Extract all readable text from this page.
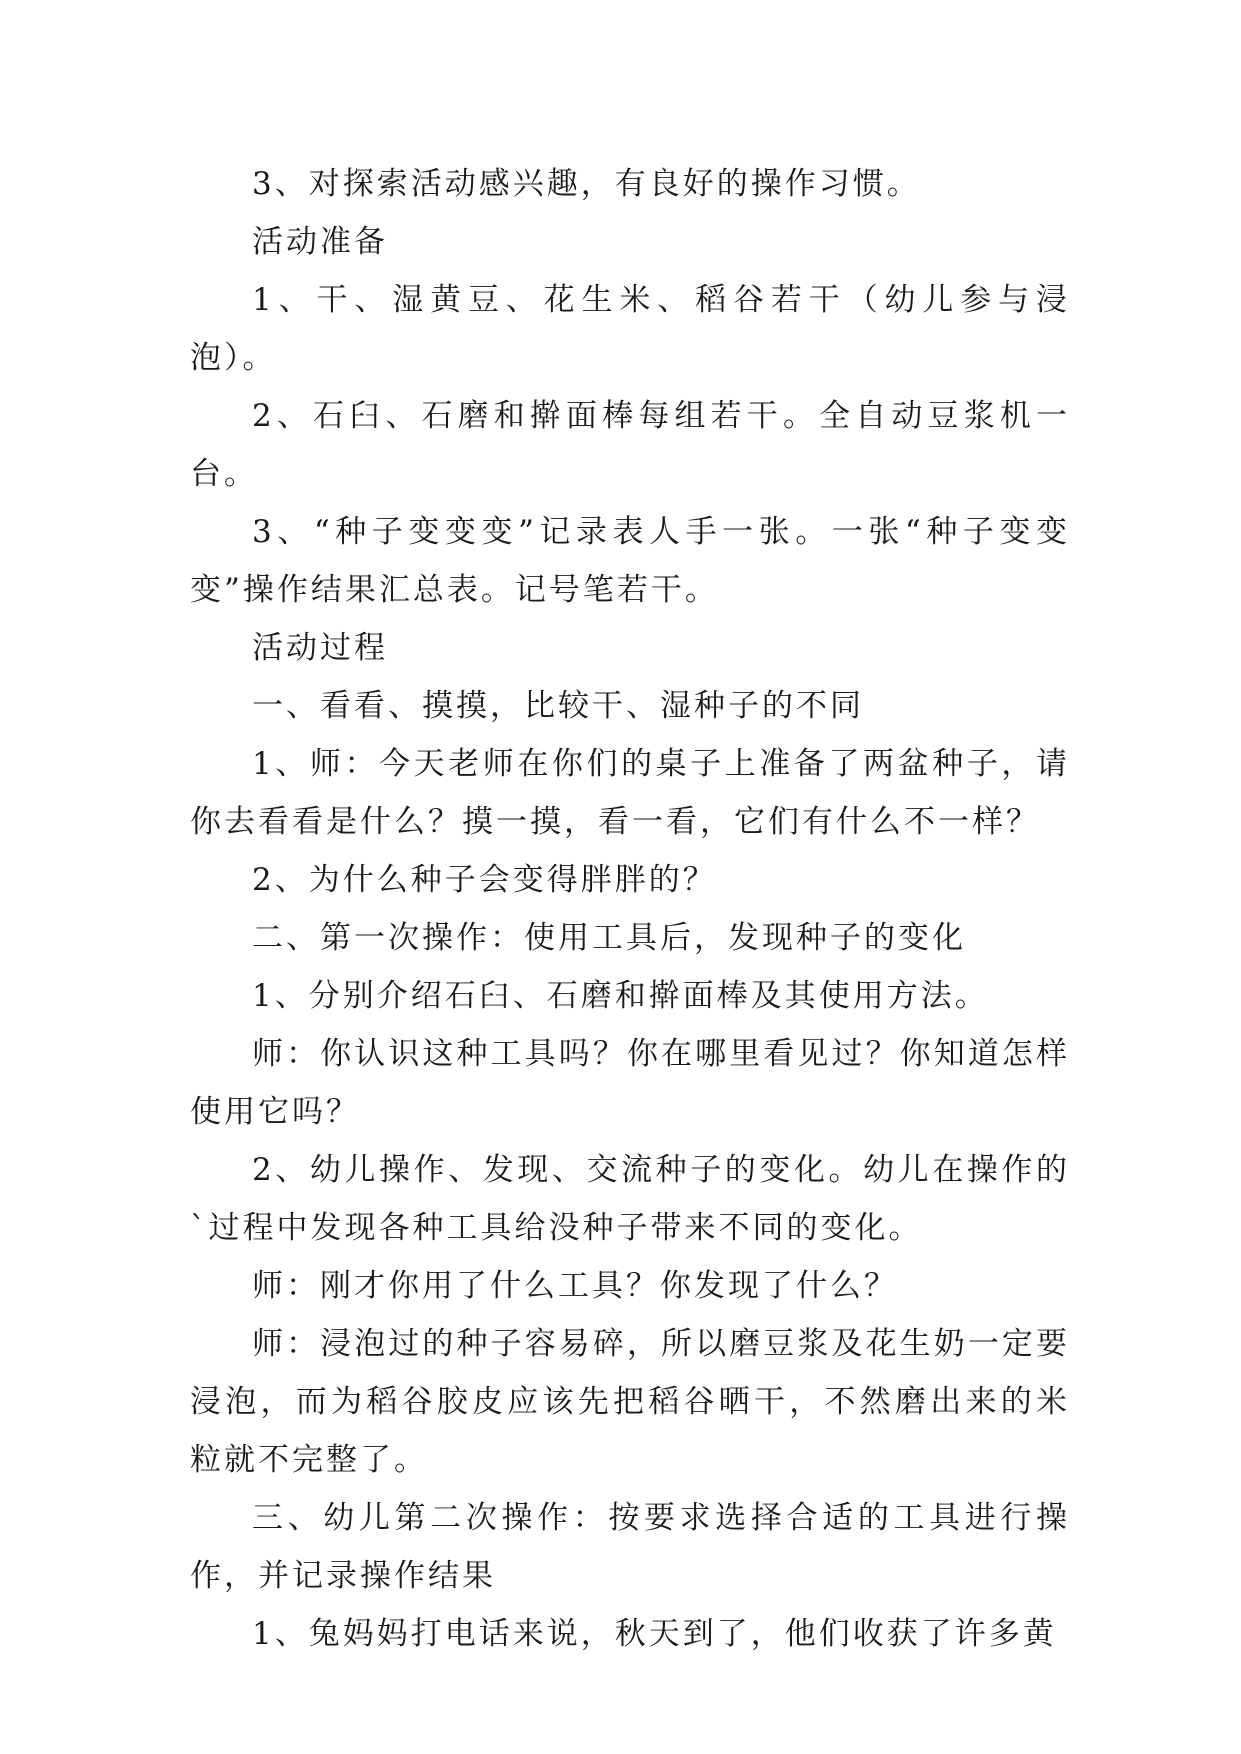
3、对探索活动感兴趣，有良好的操作习惯。

活动准备

1、干、湿黄豆、花生米、稻谷若干（幼儿参与浸泡）。

2、石臼、石磨和擀面棒每组若干。全自动豆浆机一台。

3、“种子变变变”记录表人手一张。一张“种子变变变”操作结果汇总表。记号笔若干。

活动过程

一、看看、摸摸，比较干、湿种子的不同

1、师：今天老师在你们的桌子上准备了两盆种子，请你去看看是什么？摸一摸，看一看，它们有什么不一样？

2、为什么种子会变得胖胖的？

二、第一次操作：使用工具后，发现种子的变化

1、分别介绍石臼、石磨和擀面棒及其使用方法。

师：你认识这种工具吗？你在哪里看见过？你知道怎样使用它吗？

2、幼儿操作、发现、交流种子的变化。幼儿在操作的`过程中发现各种工具给没种子带来不同的变化。

师：刚才你用了什么工具？你发现了什么？

师：浸泡过的种子容易碎，所以磨豆浆及花生奶一定要浸泡，而为稻谷胶皮应该先把稻谷晒干，不然磨出来的米粒就不完整了。

三、幼儿第二次操作：按要求选择合适的工具进行操作，并记录操作结果

1、兔妈妈打电话来说，秋天到了，他们收获了许多黄
